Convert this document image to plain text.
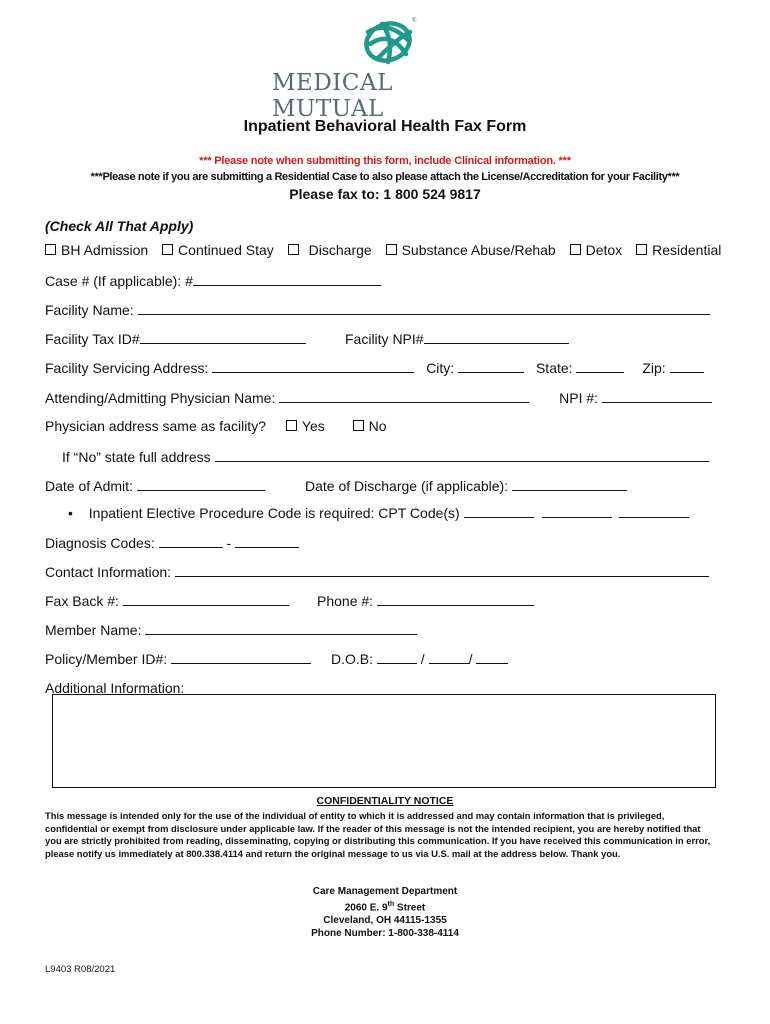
®
MEDICAL MUTUAL
Inpatient Behavioral Health Fax Form
*** Please note when submitting this form, include Clinical information. ***
***Please note if you are submitting a Residential Case to also please attach the License/Accreditation for your Facility***
Please fax to: 1 800 524 9817
(Check All That Apply)
BH Admission Continued Stay Discharge Substance Abuse/Rehab Detox Residential
Case # (If applicable): #
Facility Name:
Facility Tax ID#	Facility NPI#
Facility Servicing Address:	City:	State:	Zip:
Attending/Admitting Physician Name:	NPI #:
Physician address same as facility?	Yes	No
If “No” state full address
Date of Admit:	Date of Discharge (if applicable):
• Inpatient Elective Procedure Code is required: CPT Code(s)
Diagnosis Codes:	-
Contact Information:
Fax Back #:	Phone #:
Member Name:
Policy/Member ID#:	D.O.B:	/	/
Additional Information:
CONFIDENTIALITY NOTICE
This message is intended only for the use of the individual of entity to which it is addressed and may contain information that is privileged, confidential or exempt from disclosure under applicable law. If the reader of this message is not the intended recipient, you are hereby notified that you are strictly prohibited from reading, disseminating, copying or distributing this communication. If you have received this communication in error, please notify us immediately at 800.338.4114 and return the original message to us via U.S. mail at the address below. Thank you.
Care Management Department
2060 E. 9th Street
Cleveland, OH 44115-1355
Phone Number: 1-800-338-4114
L9403 R08/2021
